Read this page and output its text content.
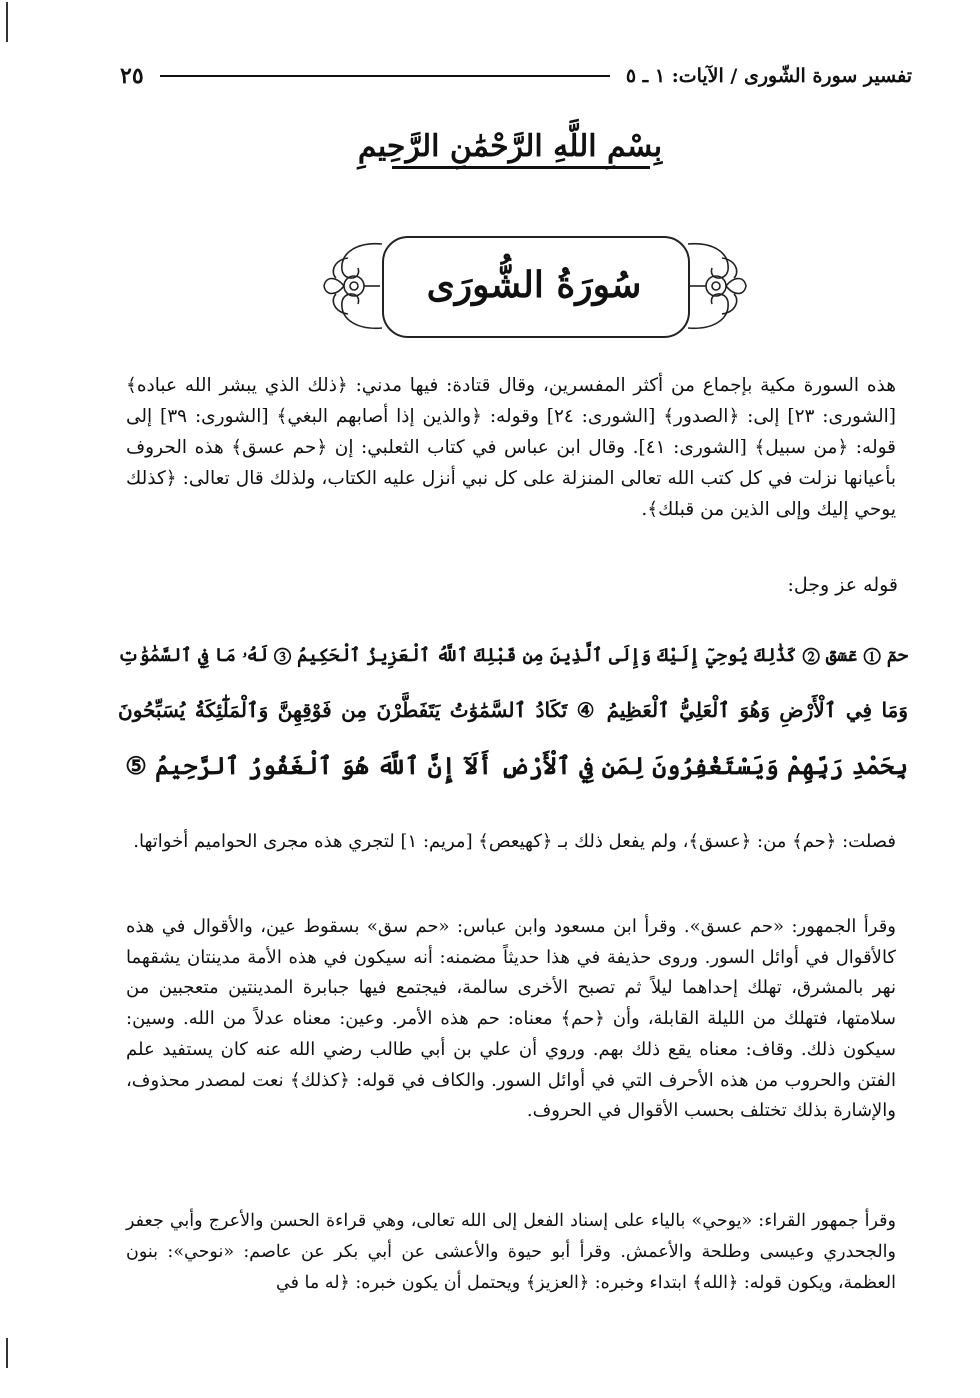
تفسير سورة الشّورى / الآيات: ١ ـ ٥
٢٥
بِسْمِ اللَّهِ الرَّحْمَٰنِ الرَّحِيمِ
سُورَةُ الشُّورَى
هذه السورة مكية بإجماع من أكثر المفسرين، وقال قتادة: فيها مدني: ﴿ذلك الذي يبشر الله عباده﴾ [الشورى: ٢٣] إلى: ﴿الصدور﴾ [الشورى: ٢٤] وقوله: ﴿والذين إذا أصابهم البغي﴾ [الشورى: ٣٩] إلى قوله: ﴿من سبيل﴾ [الشورى: ٤١]. وقال ابن عباس في كتاب الثعلبي: إن ﴿حم عسق﴾ هذه الحروف بأعيانها نزلت في كل كتب الله تعالى المنزلة على كل نبي أنزل عليه الكتاب، ولذلك قال تعالى: ﴿كذلك يوحي إليك وإلى الذين من قبلك﴾.
قوله عز وجل:
حمٓ ① عٓسٓقٓ ② كَذَٰلِكَ يُوحِيٓ إِلَيْكَ وَإِلَى ٱلَّذِينَ مِن قَبْلِكَ ٱللَّهُ ٱلْعَزِيزُ ٱلْحَكِيمُ ③ لَهُۥ مَا فِي ٱلسَّمَٰوَٰتِ
وَمَا فِي ٱلْأَرْضِ وَهُوَ ٱلْعَلِيُّ ٱلْعَظِيمُ ④ تَكَادُ ٱلسَّمَٰوَٰتُ يَتَفَطَّرْنَ مِن فَوْقِهِنَّ وَٱلْمَلَٰٓئِكَةُ يُسَبِّحُونَ
بِحَمْدِ رَبِّهِمْ وَيَسْتَغْفِرُونَ لِمَن فِي ٱلْأَرْضِ أَلَآ إِنَّ ٱللَّهَ هُوَ ٱلْغَفُورُ ٱلرَّحِيمُ ⑤
فصلت: ﴿حم﴾ من: ﴿عسق﴾، ولم يفعل ذلك بـ ﴿كهيعص﴾ [مريم: ١] لتجري هذه مجرى الحواميم أخواتها.
وقرأ الجمهور: «حم عسق». وقرأ ابن مسعود وابن عباس: «حم سق» بسقوط عين، والأقوال في هذه كالأقوال في أوائل السور. وروى حذيفة في هذا حديثاً مضمنه: أنه سيكون في هذه الأمة مدينتان يشقهما نهر بالمشرق، تهلك إحداهما ليلاً ثم تصبح الأخرى سالمة، فيجتمع فيها جبابرة المدينتين متعجبين من سلامتها، فتهلك من الليلة القابلة، وأن ﴿حم﴾ معناه: حم هذه الأمر. وعين: معناه عدلاً من الله. وسين: سيكون ذلك. وقاف: معناه يقع ذلك بهم. وروي أن علي بن أبي طالب رضي الله عنه كان يستفيد علم الفتن والحروب من هذه الأحرف التي في أوائل السور. والكاف في قوله: ﴿كذلك﴾ نعت لمصدر محذوف، والإشارة بذلك تختلف بحسب الأقوال في الحروف.
وقرأ جمهور القراء: «يوحي» بالياء على إسناد الفعل إلى الله تعالى، وهي قراءة الحسن والأعرج وأبي جعفر والجحدري وعيسى وطلحة والأعمش. وقرأ أبو حيوة والأعشى عن أبي بكر عن عاصم: «نوحي»: بنون العظمة، ويكون قوله: ﴿الله﴾ ابتداء وخبره: ﴿العزيز﴾ ويحتمل أن يكون خبره: ﴿له ما في
